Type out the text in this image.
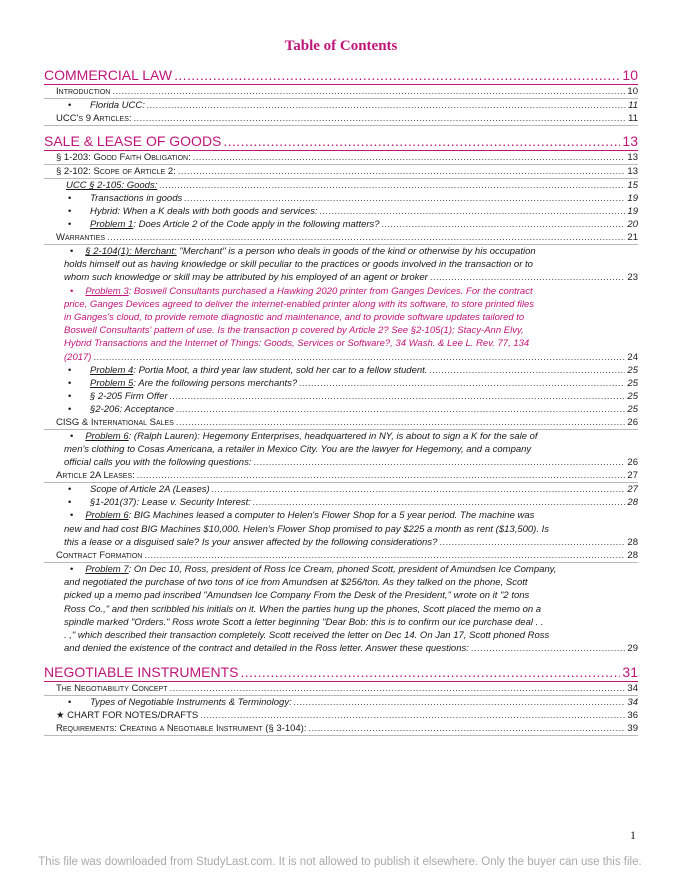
Table of Contents
COMMERCIAL LAW .....	10
Introduction .....	10
• Florida UCC: .....	11
UCC's 9 Articles: .....	11
SALE & LEASE OF GOODS .....	13
§ 1-203: Good Faith Obligation: .....	13
§ 2-102: Scope of Article 2: .....	13
UCC § 2-105: Goods: .....	15
• Transactions in goods .....	19
• Hybrid: When a K deals with both goods and services: .....	19
• Problem 1: Does Article 2 of the Code apply in the following matters? .....	20
Warranties .....	21
• § 2-104(1): Merchant: "Merchant" is a person who deals in goods of the kind or otherwise by his occupation
holds himself out as having knowledge or skill peculiar to the practices or goods involved in the transaction or to
whom such knowledge or skill may be attributed by his employed of an agent or broker .....	23
• Problem 3: Boswell Consultants purchased a Hawking 2020 printer from Ganges Devices. For the contract
price, Ganges Devices agreed to deliver the internet-enabled printer along with its software, to store printed files
in Ganges's cloud, to provide remote diagnostic and maintenance, and to provide software updates tailored to
Boswell Consultants' pattern of use. Is the transaction p covered by Article 2? See §2-105(1); Stacy-Ann Elvy,
Hybrid Transactions and the Internet of Things: Goods, Services or Software?, 34 Wash. & Lee L. Rev. 77, 134
(2017) .....	24
• Problem 4: Portia Moot, a third year law student, sold her car to a fellow student. .....	25
• Problem 5: Are the following persons merchants? .....	25
• § 2-205 Firm Offer .....	25
• §2-206: Acceptance .....	25
CISG & International Sales .....	26
• Problem 6: (Ralph Lauren): Hegemony Enterprises, headquartered in NY, is about to sign a K for the sale of
men's clothing to Cosas Americana, a retailer in Mexico City. You are the lawyer for Hegemony, and a company
official calls you with the following questions: .....	26
Article 2A Leases: .....	27
• Scope of Article 2A (Leases) .....	27
• §1-201(37): Lease v. Security Interest: .....	28
• Problem 6: BIG Machines leased a computer to Helen's Flower Shop for a 5 year period. The machine was
new and had cost BIG Machines $10,000. Helen's Flower Shop promised to pay $225 a month as rent ($13,500). Is
this a lease or a disguised sale? Is your answer affected by the following considerations? .....	28
Contract Formation .....	28
• Problem 7: On Dec 10, Ross, president of Ross Ice Cream, phoned Scott, president of Amundsen Ice Company,
and negotiated the purchase of two tons of ice from Amundsen at $256/ton. As they talked on the phone, Scott
picked up a memo pad inscribed "Amundsen Ice Company From the Desk of the President," wrote on it "2 tons
Ross Co.," and then scribbled his initials on it. When the parties hung up the phones, Scott placed the memo on a
spindle marked "Orders." Ross wrote Scott a letter beginning "Dear Bob: this is to confirm our ice purchase deal . .
. ," which described their transaction completely. Scott received the letter on Dec 14. On Jan 17, Scott phoned Ross
and denied the existence of the contract and detailed in the Ross letter. Answer these questions: .....	29
NEGOTIABLE INSTRUMENTS .....	31
The Negotiability Concept .....	34
• Types of Negotiable Instruments & Terminology: .....	34
★ CHART FOR NOTES/DRAFTS .....	36
Requirements: Creating a Negotiable Instrument (§ 3-104): .....	39
1
This file was downloaded from StudyLast.com. It is not allowed to publish it elsewhere. Only the buyer can use this file.
